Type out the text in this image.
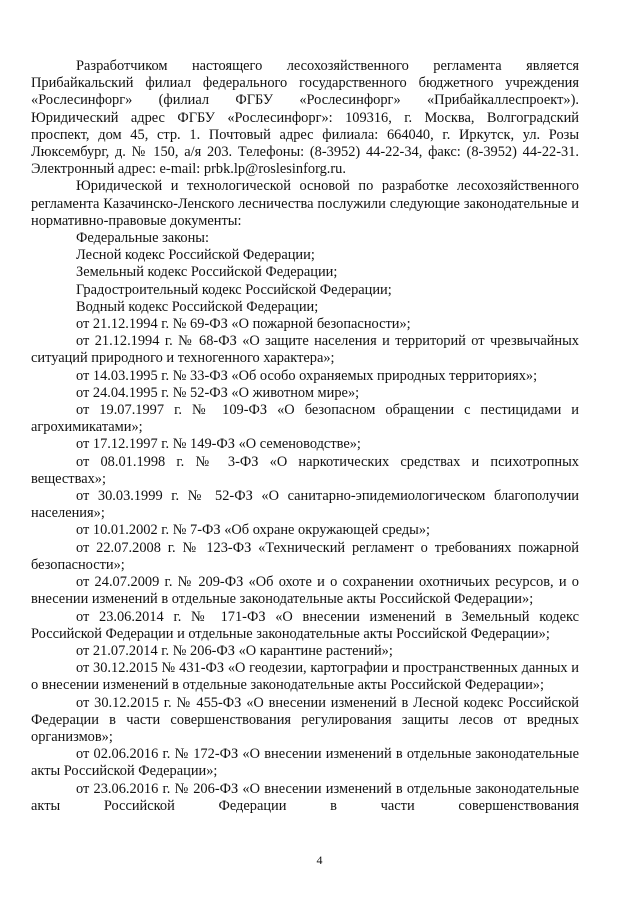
Разработчиком настоящего лесохозяйственного регламента является Прибайкальский филиал федерального государственного бюджетного учреждения «Рослесинфорг» (филиал ФГБУ «Рослесинфорг» «Прибайкаллеспроект»). Юридический адрес ФГБУ «Рослесинфорг»: 109316, г. Москва, Волгоградский проспект, дом 45, стр. 1. Почтовый адрес филиала: 664040, г. Иркутск, ул. Розы Люксембург, д. № 150, а/я 203. Телефоны: (8-3952) 44-22-34, факс: (8-3952) 44-22-31. Электронный адрес: e-mail: prbk.lp@roslesinforg.ru.

Юридической и технологической основой по разработке лесохозяйственного регламента Казачинско-Ленского лесничества послужили следующие законодательные и нормативно-правовые документы:

Федеральные законы:

Лесной кодекс Российской Федерации;

Земельный кодекс Российской Федерации;

Градостроительный кодекс Российской Федерации;

Водный кодекс Российской Федерации;

от 21.12.1994 г. № 69-ФЗ «О пожарной безопасности»;

от 21.12.1994 г. № 68-ФЗ «О защите населения и территорий от чрезвычайных ситуаций природного и техногенного характера»;

от 14.03.1995 г. № 33-ФЗ «Об особо охраняемых природных территориях»;

от 24.04.1995 г. № 52-ФЗ «О животном мире»;

от 19.07.1997 г. № 109-ФЗ «О безопасном обращении с пестицидами и агрохимикатами»;

от 17.12.1997 г. № 149-ФЗ «О семеноводстве»;

от 08.01.1998 г. № 3-ФЗ «О наркотических средствах и психотропных веществах»;

от 30.03.1999 г. № 52-ФЗ «О санитарно-эпидемиологическом благополучии населения»;

от 10.01.2002 г. № 7-ФЗ «Об охране окружающей среды»;

от 22.07.2008 г. № 123-ФЗ «Технический регламент о требованиях пожарной безопасности»;

от 24.07.2009 г. № 209-ФЗ «Об охоте и о сохранении охотничьих ресурсов, и о внесении изменений в отдельные законодательные акты Российской Федерации»;

от 23.06.2014 г. № 171-ФЗ «О внесении изменений в Земельный кодекс Российской Федерации и отдельные законодательные акты Российской Федерации»;

от 21.07.2014 г. № 206-ФЗ «О карантине растений»;

от 30.12.2015 № 431-ФЗ «О геодезии, картографии и пространственных данных и о внесении изменений в отдельные законодательные акты Российской Федерации»;

от 30.12.2015 г. № 455-ФЗ «О внесении изменений в Лесной кодекс Российской Федерации в части совершенствования регулирования защиты лесов от вредных организмов»;

от 02.06.2016 г. № 172-ФЗ «О внесении изменений в отдельные законодательные акты Российской Федерации»;

от 23.06.2016 г. № 206-ФЗ «О внесении изменений в отдельные законодательные акты Российской Федерации в части совершенствования

4
